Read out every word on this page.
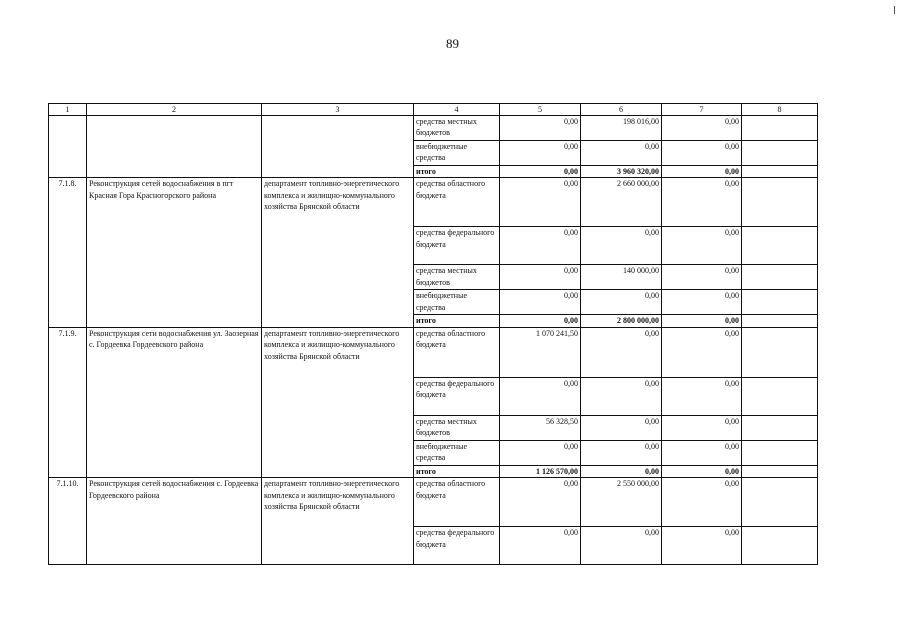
89
1	2	3	4	5	6	7	8
			средства местных бюджетов	0,00	198 016,00	0,00	
			внебюджетные средства	0,00	0,00	0,00	
			итого	0,00	3 960 320,00	0,00	
7.1.8.	Реконструкция сетей водоснабжения в пгт Красная Гора Красногорского района	департамент топливно-энергетического комплекса и жилищно-коммунального хозяйства Брянской области	средства областного бюджета	0,00	2 660 000,00	0,00	
			средства федерального бюджета	0,00	0,00	0,00	
			средства местных бюджетов	0,00	140 000,00	0,00	
			внебюджетные средства	0,00	0,00	0,00	
			итого	0,00	2 800 000,00	0,00	
7.1.9.	Реконструкция сети водоснабжения ул. Заозерная с. Гордеевка Гордеевского района	департамент топливно-энергетического комплекса и жилищно-коммунального хозяйства Брянской области	средства областного бюджета	1 070 241,50	0,00	0,00	
			средства федерального бюджета	0,00	0,00	0,00	
			средства местных бюджетов	56 328,50	0,00	0,00	
			внебюджетные средства	0,00	0,00	0,00	
			итого	1 126 570,00	0,00	0,00	
7.1.10.	Реконструкция сетей водоснабжения с. Гордеевка Гордеевского района	департамент топливно-энергетического комплекса и жилищно-коммунального хозяйства Брянской области	средства областного бюджета	0,00	2 550 000,00	0,00	
			средства федерального бюджета	0,00	0,00	0,00	
